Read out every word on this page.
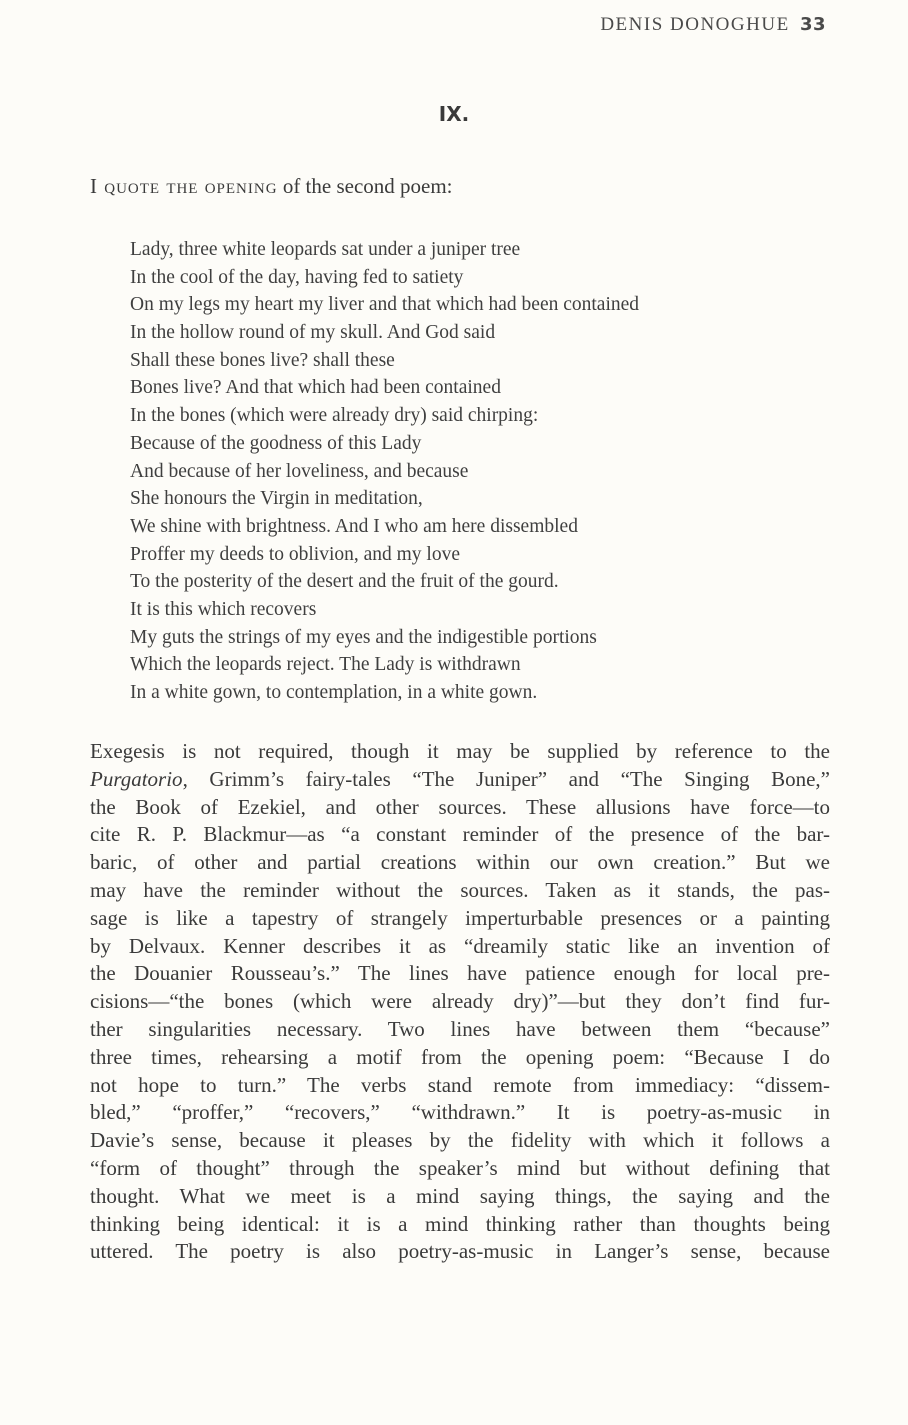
DENIS DONOGHUE 33
IX.
I quote the opening of the second poem:
Lady, three white leopards sat under a juniper tree
In the cool of the day, having fed to satiety
On my legs my heart my liver and that which had been contained
In the hollow round of my skull. And God said
Shall these bones live? shall these
Bones live? And that which had been contained
In the bones (which were already dry) said chirping:
Because of the goodness of this Lady
And because of her loveliness, and because
She honours the Virgin in meditation,
We shine with brightness. And I who am here dissembled
Proffer my deeds to oblivion, and my love
To the posterity of the desert and the fruit of the gourd.
It is this which recovers
My guts the strings of my eyes and the indigestible portions
Which the leopards reject. The Lady is withdrawn
In a white gown, to contemplation, in a white gown.
Exegesis is not required, though it may be supplied by reference to the
Purgatorio, Grimm’s fairy-tales “The Juniper” and “The Singing Bone,”
the Book of Ezekiel, and other sources. These allusions have force—to
cite R. P. Blackmur—as “a constant reminder of the presence of the bar-
baric, of other and partial creations within our own creation.” But we
may have the reminder without the sources. Taken as it stands, the pas-
sage is like a tapestry of strangely imperturbable presences or a painting
by Delvaux. Kenner describes it as “dreamily static like an invention of
the Douanier Rousseau’s.” The lines have patience enough for local pre-
cisions—“the bones (which were already dry)”—but they don’t find fur-
ther singularities necessary. Two lines have between them “because”
three times, rehearsing a motif from the opening poem: “Because I do
not hope to turn.” The verbs stand remote from immediacy: “dissem-
bled,” “proffer,” “recovers,” “withdrawn.” It is poetry-as-music in
Davie’s sense, because it pleases by the fidelity with which it follows a
“form of thought” through the speaker’s mind but without defining that
thought. What we meet is a mind saying things, the saying and the
thinking being identical: it is a mind thinking rather than thoughts being
uttered. The poetry is also poetry-as-music in Langer’s sense, because
